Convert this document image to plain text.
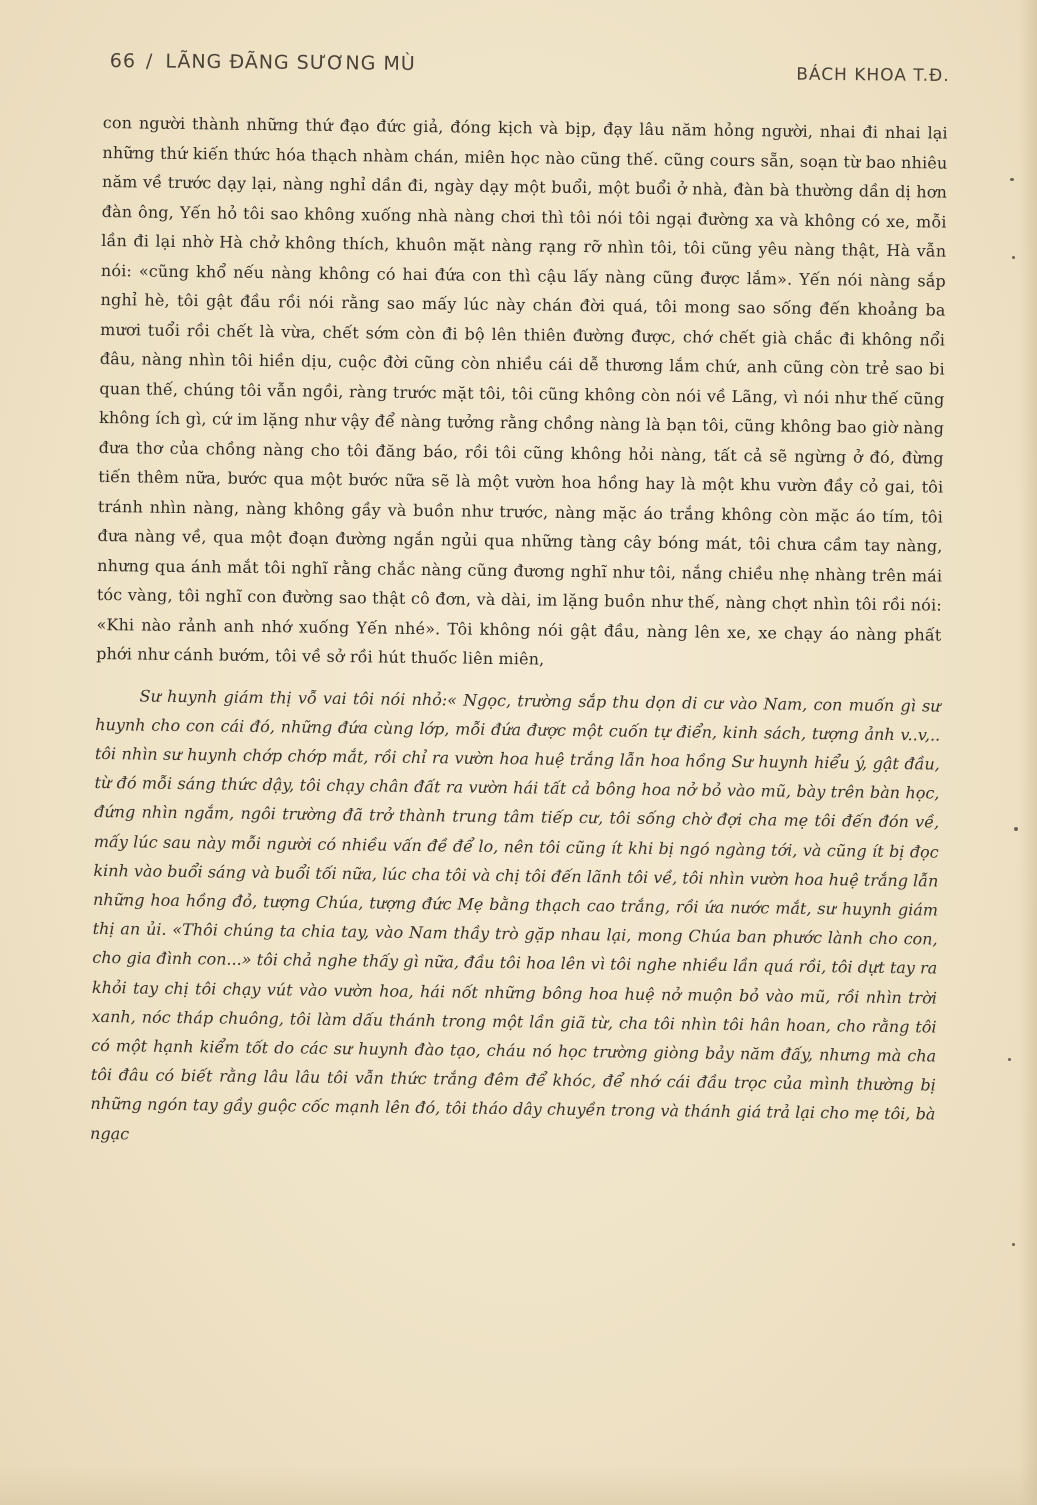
66 / LÃNG ĐÃNG SƯƠNG MÙ
BÁCH KHOA T.Đ.

con người thành những thứ đạo đức giả, đóng kịch và bịp, đạy lâu năm hỏng người, nhai đi nhai lại những thứ kiến thức hóa thạch nhàm chán, miên học nào cũng thế. cũng cours sẵn, soạn từ bao nhiêu năm về trước dạy lại, nàng nghỉ dần đi, ngày dạy một buổi, một buổi ở nhà, đàn bà thường dần dị hơn đàn ông, Yến hỏ tôi sao không xuống nhà nàng chơi thì tôi nói tôi ngại đường xa và không có xe, mỗi lần đi lại nhờ Hà chở không thích, khuôn mặt nàng rạng rỡ nhìn tôi, tôi cũng yêu nàng thật, Hà vẫn nói: «cũng khổ nếu nàng không có hai đứa con thì cậu lấy nàng cũng được lắm». Yến nói nàng sắp nghỉ hè, tôi gật đầu rồi nói rằng sao mấy lúc này chán đời quá, tôi mong sao sống đến khoảng ba mươi tuổi rồi chết là vừa, chết sớm còn đi bộ lên thiên đường được, chớ chết già chắc đi không nổi đâu, nàng nhìn tôi hiền dịu, cuộc đời cũng còn nhiều cái dễ thương lắm chứ, anh cũng còn trẻ sao bi quan thế, chúng tôi vẫn ngồi, ràng trước mặt tôi, tôi cũng không còn nói về Lãng, vì nói như thế cũng không ích gì, cứ im lặng như vậy để nàng tưởng rằng chồng nàng là bạn tôi, cũng không bao giờ nàng đưa thơ của chồng nàng cho tôi đăng báo, rồi tôi cũng không hỏi nàng, tất cả sẽ ngừng ở đó, đừng tiến thêm nữa, bước qua một bước nữa sẽ là một vườn hoa hồng hay là một khu vườn đầy cỏ gai, tôi tránh nhìn nàng, nàng không gầy và buồn như trước, nàng mặc áo trắng không còn mặc áo tím, tôi đưa nàng về, qua một đoạn đường ngắn ngủi qua những tàng cây bóng mát, tôi chưa cầm tay nàng, nhưng qua ánh mắt tôi nghĩ rằng chắc nàng cũng đương nghĩ như tôi, nắng chiều nhẹ nhàng trên mái tóc vàng, tôi nghĩ con đường sao thật cô đơn, và dài, im lặng buồn như thế, nàng chợt nhìn tôi rồi nói: «Khi nào rảnh anh nhớ xuống Yến nhé». Tôi không nói gật đầu, nàng lên xe, xe chạy áo nàng phất phới như cánh bướm, tôi về sở rồi hút thuốc liên miên,

Sư huynh giám thị vỗ vai tôi nói nhỏ:« Ngọc, trường sắp thu dọn di cư vào Nam, con muốn gì sư huynh cho con cái đó, những đứa cùng lớp, mỗi đứa được một cuốn tự điển, kinh sách, tượng ảnh v..v,.. tôi nhìn sư huynh chớp chớp mắt, rồi chỉ ra vườn hoa huệ trắng lẫn hoa hồng Sư huynh hiểu ý, gật đầu, từ đó mỗi sáng thức dậy, tôi chạy chân đất ra vườn hái tất cả bông hoa nở bỏ vào mũ, bày trên bàn học, đứng nhìn ngắm, ngôi trường đã trở thành trung tâm tiếp cư, tôi sống chờ đợi cha mẹ tôi đến đón về, mấy lúc sau này mỗi người có nhiều vấn đề để lo, nên tôi cũng ít khi bị ngó ngàng tới, và cũng ít bị đọc kinh vào buổi sáng và buổi tối nữa, lúc cha tôi và chị tôi đến lãnh tôi về, tôi nhìn vườn hoa huệ trắng lẫn những hoa hồng đỏ, tượng Chúa, tượng đức Mẹ bằng thạch cao trắng, rồi ứa nước mắt, sư huynh giám thị an ủi. «Thôi chúng ta chia tay, vào Nam thầy trò gặp nhau lại, mong Chúa ban phước lành cho con, cho gia đình con...» tôi chả nghe thấy gì nữa, đầu tôi hoa lên vì tôi nghe nhiều lần quá rồi, tôi dựt tay ra khỏi tay chị tôi chạy vút vào vườn hoa, hái nốt những bông hoa huệ nở muộn bỏ vào mũ, rồi nhìn trời xanh, nóc tháp chuông, tôi làm dấu thánh trong một lần giã từ, cha tôi nhìn tôi hân hoan, cho rằng tôi có một hạnh kiểm tốt do các sư huynh đào tạo, cháu nó học trường giòng bảy năm đấy, nhưng mà cha tôi đâu có biết rằng lâu lâu tôi vẫn thức trắng đêm để khóc, để nhớ cái đầu trọc của mình thường bị những ngón tay gầy guộc cốc mạnh lên đó, tôi tháo dây chuyền trong và thánh giá trả lại cho mẹ tôi, bà ngạc
